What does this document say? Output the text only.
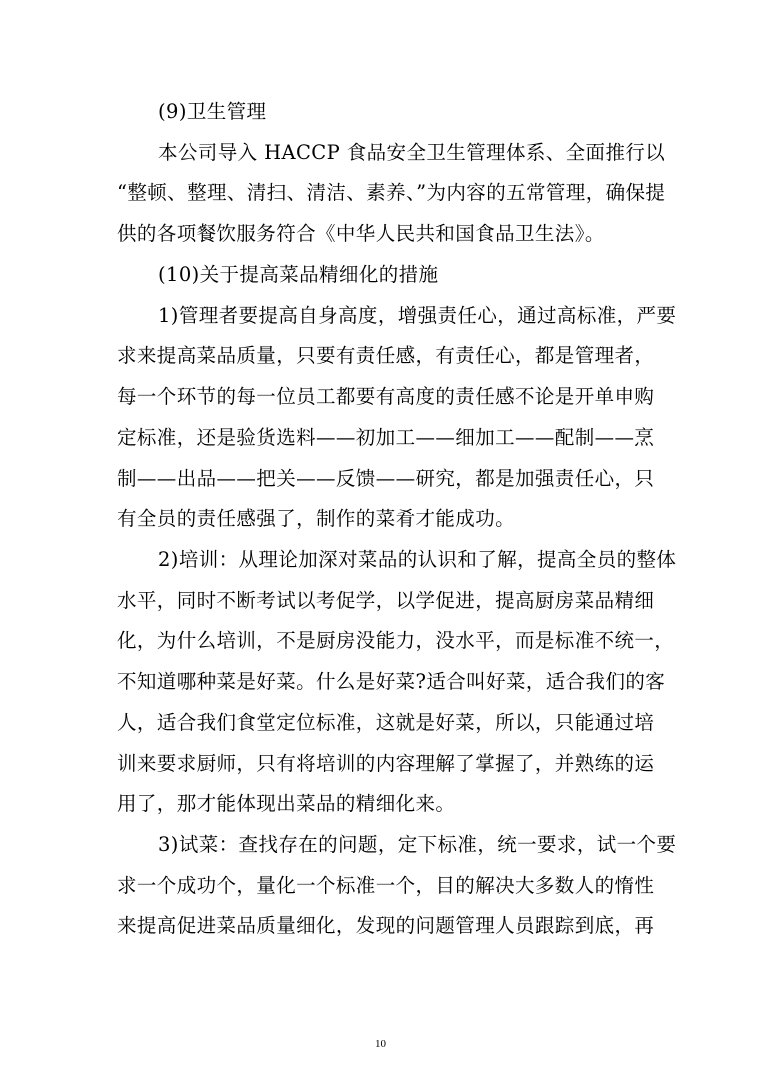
(9)卫生管理
本公司导入 HACCP 食品安全卫生管理体系、全面推行以
“整顿、整理、清扫、清洁、素养、”为内容的五常管理，确保提
供的各项餐饮服务符合《中华人民共和国食品卫生法》。
(10)关于提高菜品精细化的措施
1)管理者要提高自身高度，增强责任心，通过高标准，严要
求来提高菜品质量，只要有责任感，有责任心，都是管理者，
每一个环节的每一位员工都要有高度的责任感不论是开单申购
定标准，还是验货选料——初加工——细加工——配制——烹
制——出品——把关——反馈——研究，都是加强责任心，只
有全员的责任感强了，制作的菜肴才能成功。
2)培训：从理论加深对菜品的认识和了解，提高全员的整体
水平，同时不断考试以考促学，以学促进，提高厨房菜品精细
化，为什么培训，不是厨房没能力，没水平，而是标准不统一，
不知道哪种菜是好菜。什么是好菜?适合叫好菜，适合我们的客
人，适合我们食堂定位标准，这就是好菜，所以，只能通过培
训来要求厨师，只有将培训的内容理解了掌握了，并熟练的运
用了，那才能体现出菜品的精细化来。
3)试菜：查找存在的问题，定下标准，统一要求，试一个要
求一个成功个，量化一个标准一个，目的解决大多数人的惰性
来提高促进菜品质量细化，发现的问题管理人员跟踪到底，再
10
